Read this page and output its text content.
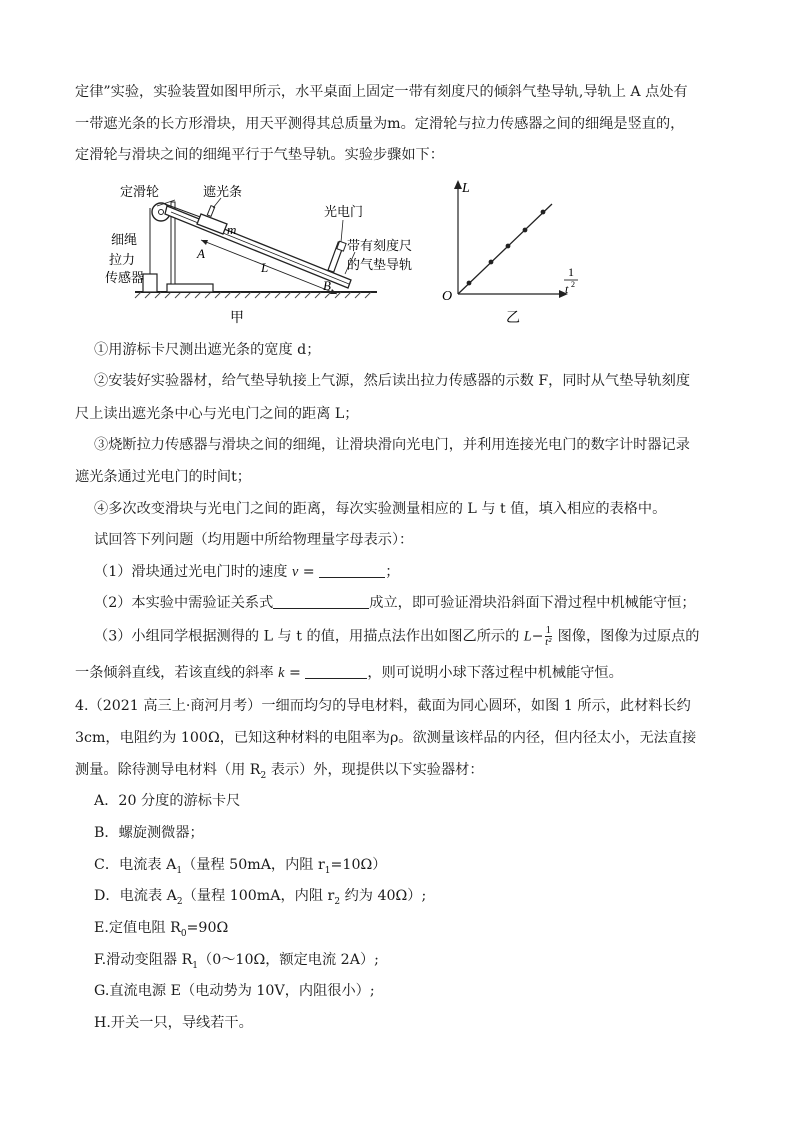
定律”实验，实验装置如图甲所示，水平桌面上固定一带有刻度尺的倾斜气垫导轨,导轨上 A 点处有
一带遮光条的长方形滑块，用天平测得其总质量为m。定滑轮与拉力传感器之间的细绳是竖直的，
定滑轮与滑块之间的细绳平行于气垫导轨。实验步骤如下：
定滑轮	遮光条
细绳
拉力
传感器
光电门
带有刻度尺
的气垫导轨
m
A
L
B
甲
L
O
1
t 2
乙
①用游标卡尺测出遮光条的宽度 d；
②安装好实验器材，给气垫导轨接上气源，然后读出拉力传感器的示数 F，同时从气垫导轨刻度
尺上读出遮光条中心与光电门之间的距离 L；
③烧断拉力传感器与滑块之间的细绳，让滑块滑向光电门，并利用连接光电门的数字计时器记录
遮光条通过光电门的时间t；
④多次改变滑块与光电门之间的距离，每次实验测量相应的 L 与 t 值，填入相应的表格中。
试回答下列问题（均用题中所给物理量字母表示）：
（1）滑块通过光电门时的速度 v =	；
（2）本实验中需验证关系式	成立，即可验证滑块沿斜面下滑过程中机械能守恒；
（3）小组同学根据测得的 L 与 t 的值，用描点法作出如图乙所示的 $L- \frac{1}{\text{t²}}$ 图像，图像为过原点的
一条倾斜直线，若该直线的斜率 k =	，则可说明小球下落过程中机械能守恒。
4.（2021 高三上·商河月考）一细而均匀的导电材料，截面为同心圆环，如图 1 所示，此材料长约
3cm，电阻约为 100Ω，已知这种材料的电阻率为ρ。欲测量该样品的内径，但内径太小，无法直接
测量。除待测导电材料（用 $R_2$ 表示）外，现提供以下实验器材：
A．20 分度的游标卡尺
B．螺旋测微器；
C．电流表 $A_1$（量程 50mA，内阻 $r_1=10\Omega$）
D．电流表 $A_2$（量程 100mA，内阻 $r_2$ 约为 40Ω）;
E.定值电阻 $R_0=90\Omega$
F.滑动变阻器 $R_1(0\sim 10\Omega$，额定电流 2A）;
G.直流电源 E（电动势为 10V，内阻很小）;
H.开关一只，导线若干。
